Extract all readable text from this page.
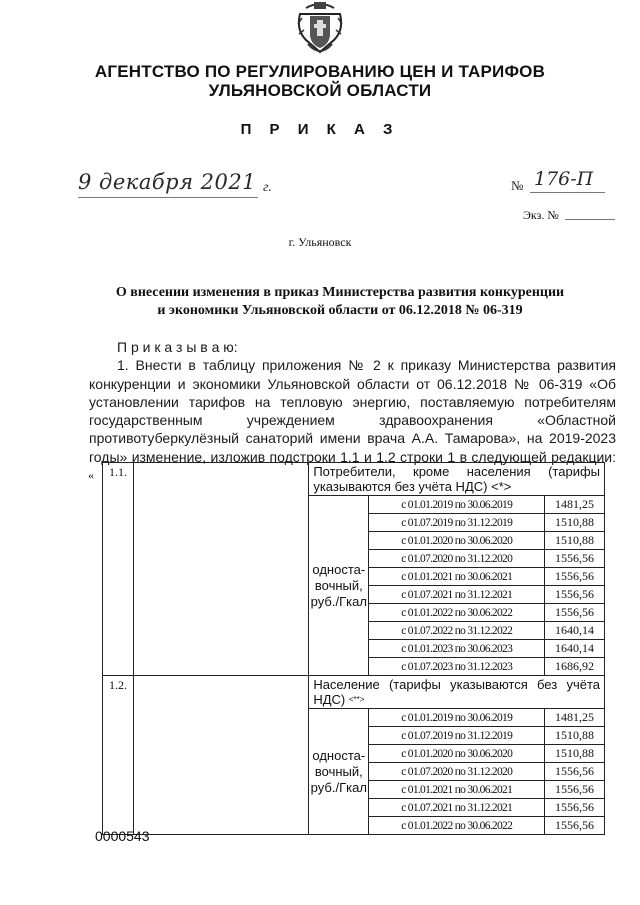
АГЕНТСТВО ПО РЕГУЛИРОВАНИЮ ЦЕН И ТАРИФОВ
УЛЬЯНОВСКОЙ ОБЛАСТИ
П Р И К А З
9 декабря 2021 г.	№ 176-П
Экз. №
г. Ульяновск
О внесении изменения в приказ Министерства развития конкуренции
и экономики Ульяновской области от 06.12.2018 № 06-319

П р и к а з ы в а ю:

1. Внести в таблицу приложения № 2 к приказу Министерства развития конкуренции и экономики Ульяновской области от 06.12.2018 № 06-319 «Об установлении тарифов на тепловую энергию, поставляемую потребителям государственным учреждением здравоохранения «Областной противотуберкулёзный санаторий имени врача А.А. Тамарова», на 2019-2023

годы» изменение, изложив подстроки 1.1 и 1.2 строки 1 в следующей редакции:

« 1.1.		Потребители, кроме населения (тарифы указываются без учёта НДС) <*>		
		односта-вочный, руб./Гкал	с 01.01.2019 по 30.06.2019	1481,25
			с 01.07.2019 по 31.12.2019	1510,88
			с 01.01.2020 по 30.06.2020	1510,88
			с 01.07.2020 по 31.12.2020	1556,56
			с 01.01.2021 по 30.06.2021	1556,56
			с 01.07.2021 по 31.12.2021	1556,56
			с 01.01.2022 по 30.06.2022	1556,56
			с 01.07.2022 по 31.12.2022	1640,14
			с 01.01.2023 по 30.06.2023	1640,14
			с 01.07.2023 по 31.12.2023	1686,92
1.2.		Население (тарифы указываются без учёта НДС) <**>
		односта-вочный, руб./Гкал	с 01.01.2019 по 30.06.2019	1481,25
			с 01.07.2019 по 31.12.2019	1510,88
			с 01.01.2020 по 30.06.2020	1510,88
			с 01.07.2020 по 31.12.2020	1556,56
			с 01.01.2021 по 30.06.2021	1556,56
			с 01.07.2021 по 31.12.2021	1556,56
			с 01.01.2022 по 30.06.2022	1556,56
0000543
